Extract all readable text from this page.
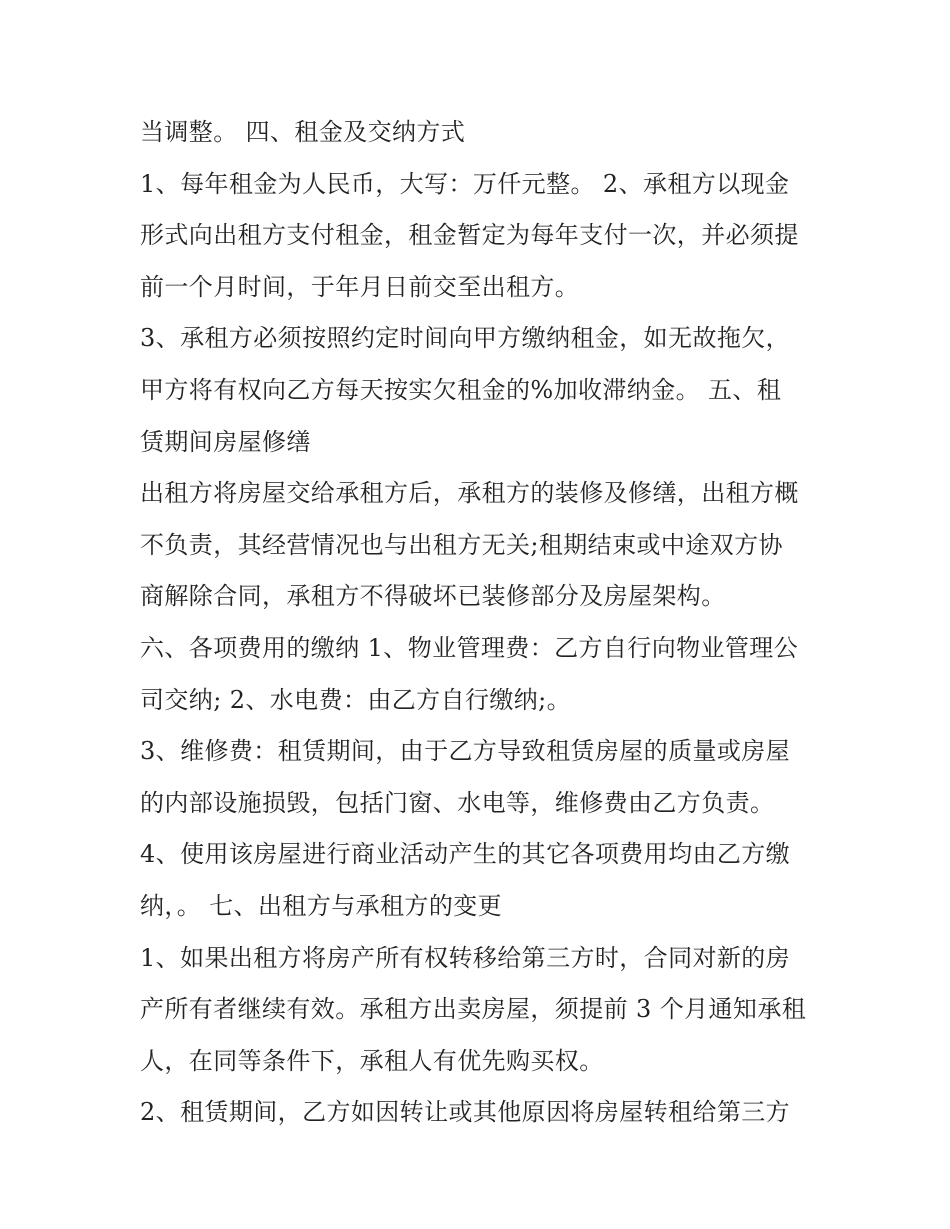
当调整。 四、租金及交纳方式
1、每年租金为人民币，大写：万仟元整。 2、承租方以现金
形式向出租方支付租金，租金暂定为每年支付一次，并必须提
前一个月时间，于年月日前交至出租方。
3、承租方必须按照约定时间向甲方缴纳租金，如无故拖欠，
甲方将有权向乙方每天按实欠租金的%加收滞纳金。 五、租
赁期间房屋修缮
出租方将房屋交给承租方后，承租方的装修及修缮，出租方概
不负责，其经营情况也与出租方无关;租期结束或中途双方协
商解除合同，承租方不得破坏已装修部分及房屋架构。
六、各项费用的缴纳 1、物业管理费：乙方自行向物业管理公
司交纳; 2、水电费：由乙方自行缴纳;。
3、维修费：租赁期间，由于乙方导致租赁房屋的质量或房屋
的内部设施损毁，包括门窗、水电等，维修费由乙方负责。
4、使用该房屋进行商业活动产生的其它各项费用均由乙方缴
纳，。 七、出租方与承租方的变更
1、如果出租方将房产所有权转移给第三方时，合同对新的房
产所有者继续有效。承租方出卖房屋，须提前 3 个月通知承租
人，在同等条件下，承租人有优先购买权。
2、租赁期间，乙方如因转让或其他原因将房屋转租给第三方
